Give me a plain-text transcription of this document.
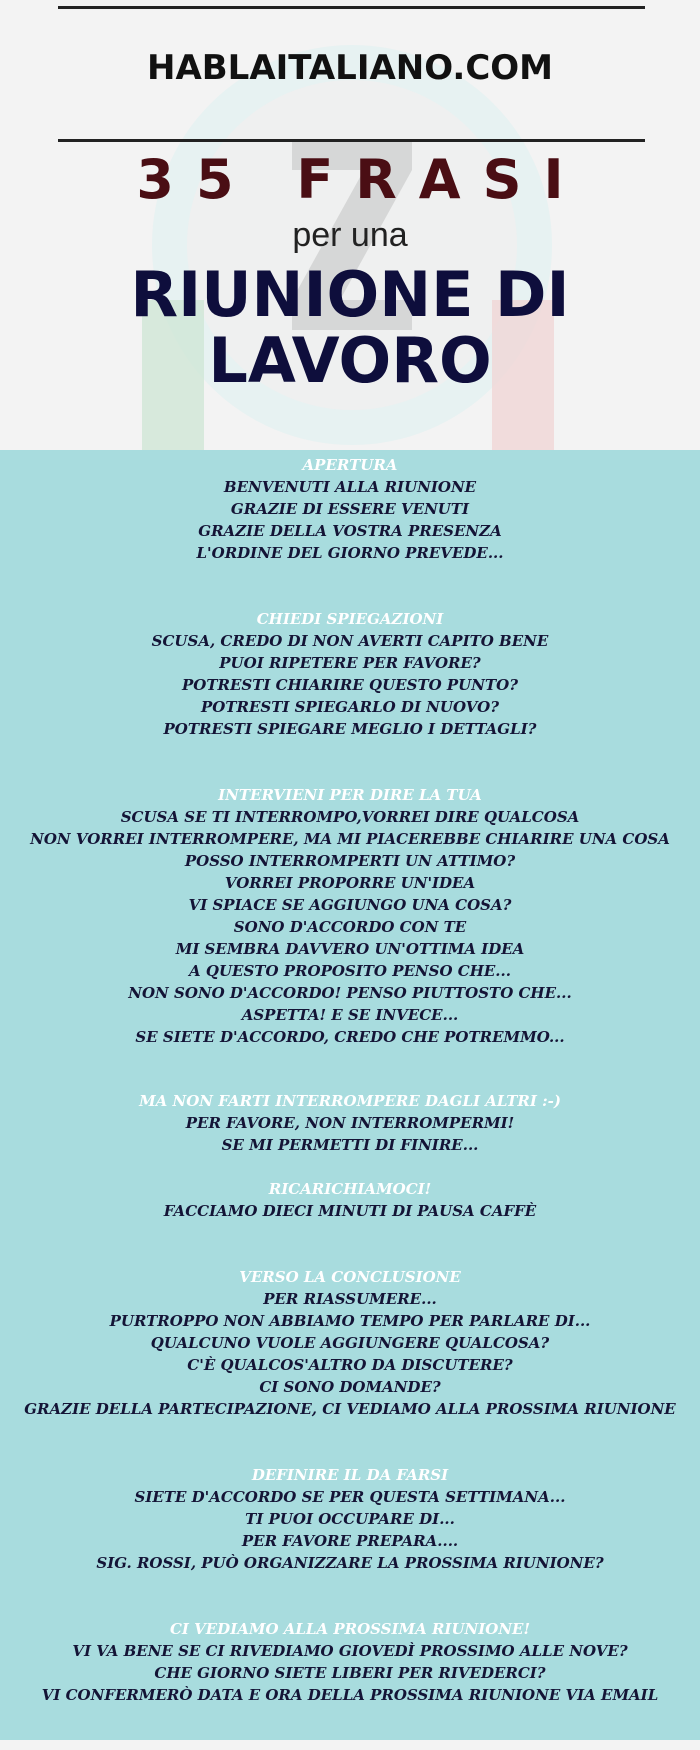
HABLAITALIANO.COM
35 FRASI
per una
RIUNIONE DI
LAVORO
APERTURA
BENVENUTI ALLA RIUNIONE
GRAZIE DI ESSERE VENUTI
GRAZIE DELLA VOSTRA PRESENZA
L'ORDINE DEL GIORNO PREVEDE...
CHIEDI SPIEGAZIONI
SCUSA, CREDO DI NON AVERTI CAPITO BENE
PUOI RIPETERE PER FAVORE?
POTRESTI CHIARIRE QUESTO PUNTO?
POTRESTI SPIEGARLO DI NUOVO?
POTRESTI SPIEGARE MEGLIO I DETTAGLI?
INTERVIENI PER DIRE LA TUA
SCUSA SE TI INTERROMPO,VORREI DIRE QUALCOSA
NON VORREI INTERROMPERE, MA MI PIACEREBBE CHIARIRE UNA COSA
POSSO INTERROMPERTI UN ATTIMO?
VORREI PROPORRE UN'IDEA
VI SPIACE SE AGGIUNGO UNA COSA?
SONO D'ACCORDO CON TE
MI SEMBRA DAVVERO UN'OTTIMA IDEA
A QUESTO PROPOSITO PENSO CHE...
NON SONO D'ACCORDO! PENSO PIUTTOSTO CHE...
ASPETTA! E SE INVECE...
SE SIETE D'ACCORDO, CREDO CHE POTREMMO...
MA NON FARTI INTERROMPERE DAGLI ALTRI :-)
PER FAVORE, NON INTERROMPERMI!
SE MI PERMETTI DI FINIRE...
RICARICHIAMOCI!
FACCIAMO DIECI MINUTI DI PAUSA CAFFÈ
VERSO LA CONCLUSIONE
PER RIASSUMERE...
PURTROPPO NON ABBIAMO TEMPO PER PARLARE DI...
QUALCUNO VUOLE AGGIUNGERE QUALCOSA?
C'È QUALCOS'ALTRO DA DISCUTERE?
CI SONO DOMANDE?
GRAZIE DELLA PARTECIPAZIONE, CI VEDIAMO ALLA PROSSIMA RIUNIONE
DEFINIRE IL DA FARSI
SIETE D'ACCORDO SE PER QUESTA SETTIMANA...
TI PUOI OCCUPARE DI...
PER FAVORE PREPARA....
SIG. ROSSI, PUÒ ORGANIZZARE LA PROSSIMA RIUNIONE?
CI VEDIAMO ALLA PROSSIMA RIUNIONE!
VI VA BENE SE CI RIVEDIAMO GIOVEDÌ PROSSIMO ALLE NOVE?
CHE GIORNO SIETE LIBERI PER RIVEDERCI?
VI CONFERMERÒ DATA E ORA DELLA PROSSIMA RIUNIONE VIA EMAIL
